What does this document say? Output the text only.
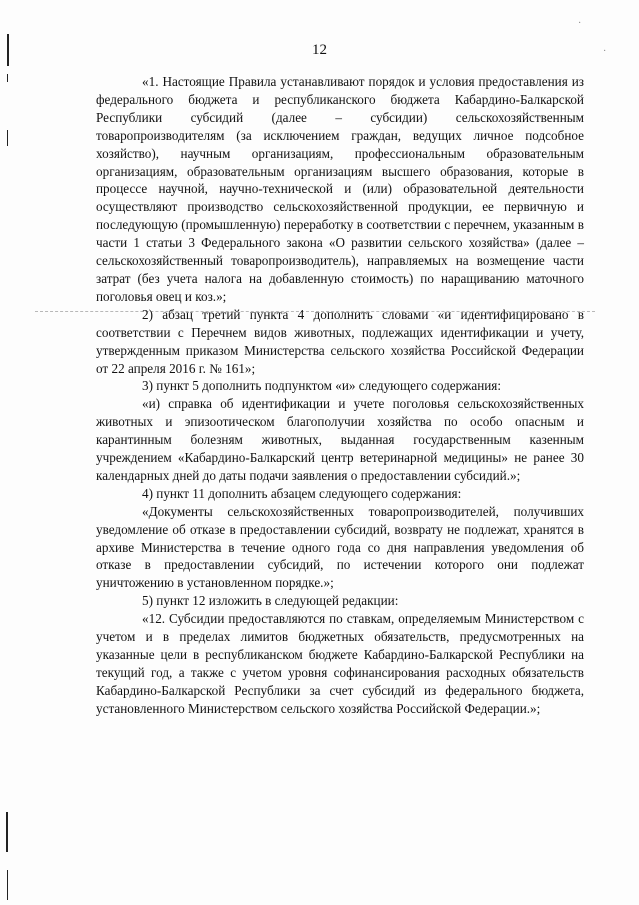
·
·
12

«1. Настоящие Правила устанавливают порядок и условия предоставления из федерального бюджета и республиканского бюджета Кабардино-Балкарской Республики субсидий (далее – субсидии) сельскохозяйственным товаропроизводителям (за исключением граждан, ведущих личное подсобное хозяйство), научным организациям, профессиональным образовательным организациям, образовательным организациям высшего образования, которые в процессе научной, научно-технической и (или) образовательной деятельности осуществляют производство сельскохозяйственной продукции, ее первичную и последующую (промышленную) переработку в соответствии с перечнем, указанным в части 1 статьи 3 Федерального закона «О развитии сельского хозяйства» (далее – сельскохозяйственный товаропроизводитель), направляемых на возмещение части затрат (без учета налога на добавленную стоимость) по наращиванию маточного поголовья овец и коз.»;

2) абзац третий пункта 4 дополнить словами «и идентифицировано в соответствии с Перечнем видов животных, подлежащих идентификации и учету, утвержденным приказом Министерства сельского хозяйства Российской Федерации от 22 апреля 2016 г. № 161»;

3) пункт 5 дополнить подпунктом «и» следующего содержания:

«и) справка об идентификации и учете поголовья сельскохозяйственных животных и эпизоотическом благополучии хозяйства по особо опасным и карантинным болезням животных, выданная государственным казенным учреждением «Кабардино-Балкарский центр ветеринарной медицины» не ранее 30 календарных дней до даты подачи заявления о предоставлении субсидий.»;

4) пункт 11 дополнить абзацем следующего содержания:

«Документы сельскохозяйственных товаропроизводителей, получивших уведомление об отказе в предоставлении субсидий, возврату не подлежат, хранятся в архиве Министерства в течение одного года со дня направления уведомления об отказе в предоставлении субсидий, по истечении которого они подлежат уничтожению в установленном порядке.»;

5) пункт 12 изложить в следующей редакции:

«12. Субсидии предоставляются по ставкам, определяемым Министерством с учетом и в пределах лимитов бюджетных обязательств, предусмотренных на указанные цели в республиканском бюджете Кабардино-Балкарской Республики на текущий год, а также с учетом уровня софинансирования расходных обязательств Кабардино-Балкарской Республики за счет субсидий из федерального бюджета, установленного Министерством сельского хозяйства Российской Федерации.»;
